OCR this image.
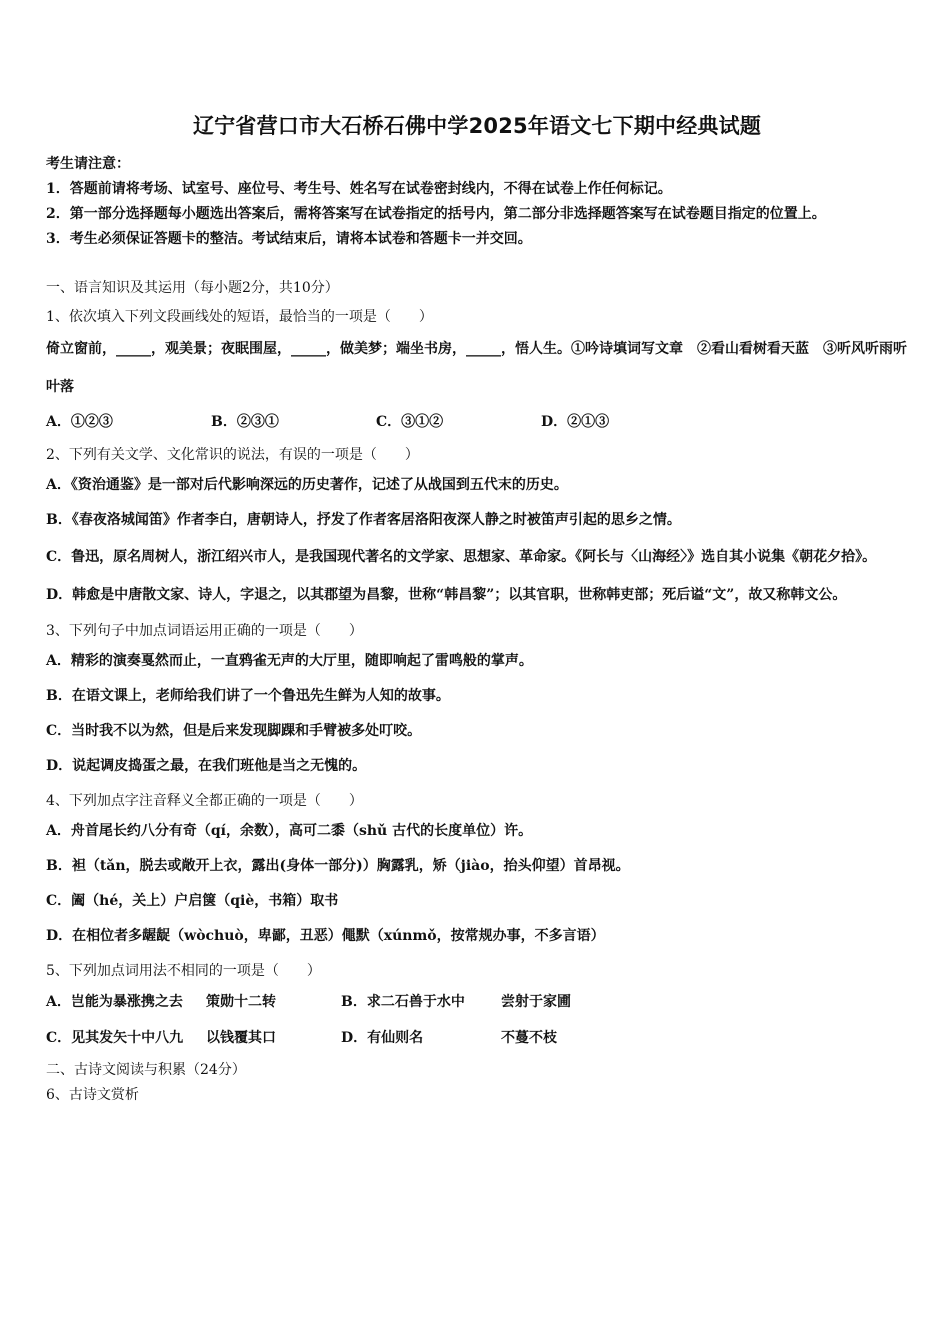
辽宁省营口市大石桥石佛中学2025年语文七下期中经典试题
考生请注意：
1．答题前请将考场、试室号、座位号、考生号、姓名写在试卷密封线内，不得在试卷上作任何标记。
2．第一部分选择题每小题选出答案后，需将答案写在试卷指定的括号内，第二部分非选择题答案写在试卷题目指定的位置上。
3．考生必须保证答题卡的整洁。考试结束后，请将本试卷和答题卡一并交回。
一、语言知识及其运用（每小题2分，共10分）
1、依次填入下列文段画线处的短语，最恰当的一项是（　　）
倚立窗前，_____，观美景；夜眠围屋，_____，做美梦；端坐书房，_____，悟人生。①吟诗填词写文章　②看山看树看天蓝　③听风听雨听叶落
A．①②③	B．②③①	C．③①②	D．②①③
2、下列有关文学、文化常识的说法，有误的一项是（　　）
A．《资治通鉴》是一部对后代影响深远的历史著作，记述了从战国到五代末的历史。
B．《春夜洛城闻笛》作者李白，唐朝诗人，抒发了作者客居洛阳夜深人静之时被笛声引起的思乡之情。
C．鲁迅，原名周树人，浙江绍兴市人，是我国现代著名的文学家、思想家、革命家。《阿长与〈山海经〉》选自其小说集《朝花夕拾》。
D．韩愈是中唐散文家、诗人，字退之，以其郡望为昌黎，世称“韩昌黎”；以其官职，世称韩吏部；死后谥“文”，故又称韩文公。
3、下列句子中加点词语运用正确的一项是（　　）
A．精彩的演奏戛然而止，一直鸦雀无声的大厅里，随即响起了雷鸣般的掌声。
B．在语文课上，老师给我们讲了一个鲁迅先生鲜为人知的故事。
C．当时我不以为然，但是后来发现脚踝和手臂被多处叮咬。
D．说起调皮捣蛋之最，在我们班他是当之无愧的。
4、下列加点字注音释义全都正确的一项是（　　）
A．舟首尾长约八分有奇（qí，余数），高可二黍（shǔ 古代的长度单位）许。
B．袒（tǎn，脱去或敞开上衣，露出(身体一部分)）胸露乳，矫（jiào，抬头仰望）首昂视。
C．阖（hé，关上）户启箧（qiè，书箱）取书
D．在相位者多龌龊（wòchuò，卑鄙，丑恶）僶默（xúnmǒ，按常规办事，不多言语）
5、下列加点词用法不相同的一项是（　　）
A．岂能为暴涨携之去	策勋十二转	B．求二石兽于水中	尝射于家圃
C．见其发矢十中八九	以钱覆其口	D．有仙则名	不蔓不枝
二、古诗文阅读与积累（24分）
6、古诗文赏析
